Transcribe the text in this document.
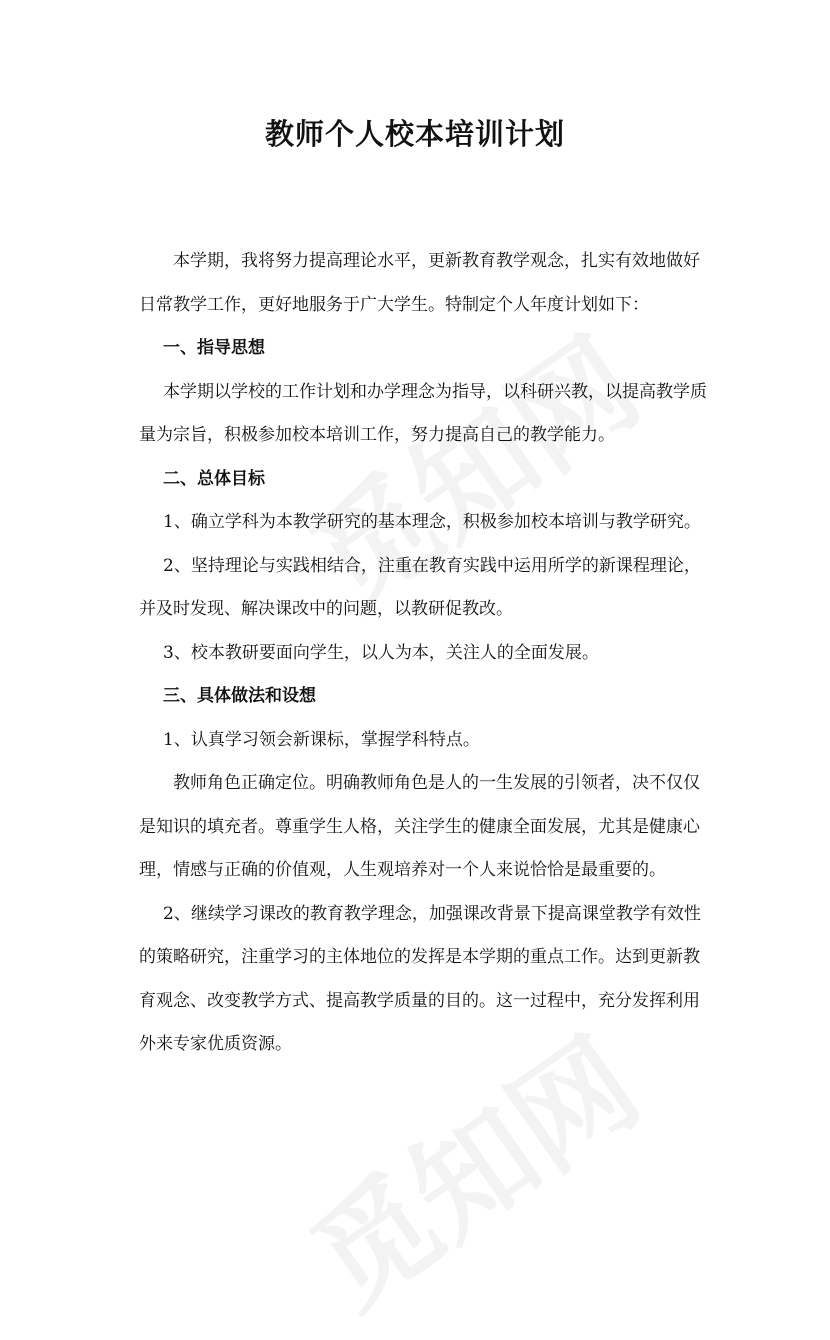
教师个人校本培训计划

本学期，我将努力提高理论水平，更新教育教学观念，扎实有效地做好

日常教学工作，更好地服务于广大学生。特制定个人年度计划如下：

一、指导思想

本学期以学校的工作计划和办学理念为指导，以科研兴教，以提高教学质

量为宗旨，积极参加校本培训工作，努力提高自己的教学能力。

二、总体目标

1、确立学科为本教学研究的基本理念，积极参加校本培训与教学研究。

2、坚持理论与实践相结合，注重在教育实践中运用所学的新课程理论，

并及时发现、解决课改中的问题，以教研促教改。

3、校本教研要面向学生，以人为本，关注人的全面发展。

三、具体做法和设想

1、认真学习领会新课标，掌握学科特点。

教师角色正确定位。明确教师角色是人的一生发展的引领者，决不仅仅

是知识的填充者。尊重学生人格，关注学生的健康全面发展，尤其是健康心

理，情感与正确的价值观，人生观培养对一个人来说恰恰是最重要的。

2、继续学习课改的教育教学理念，加强课改背景下提高课堂教学有效性

的策略研究，注重学习的主体地位的发挥是本学期的重点工作。达到更新教

育观念、改变教学方式、提高教学质量的目的。这一过程中，充分发挥利用

外来专家优质资源。
